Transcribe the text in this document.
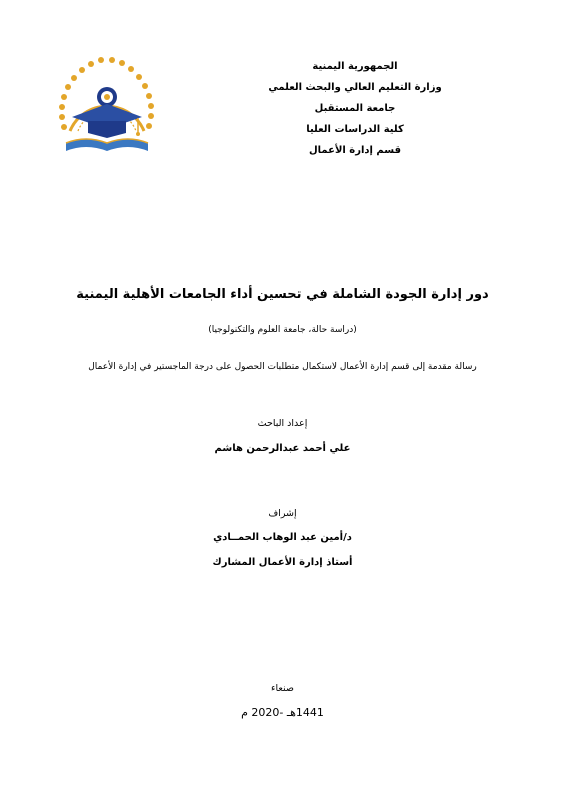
الجمهورية اليمنية
وزارة التعليم العالي والبحث العلمي
جامعة المستقبل
كلية الدراسات العليا
قسم إدارة الأعمال
دور إدارة الجودة الشاملة في تحسين أداء الجامعات الأهلية اليمنية
(دراسة حالة، جامعة العلوم والتكنولوجيا)
رسالة مقدمة إلى قسم إدارة الأعمال لاستكمال متطلبات الحصول على درجة الماجستير في إدارة الأعمال
إعداد الباحث
علي أحمد عبدالرحمن هاشم
إشراف
د/أمين عبد الوهاب الحمــادي
أستاذ إدارة الأعمال المشارك
صنعاء
1441هـ -2020 م
